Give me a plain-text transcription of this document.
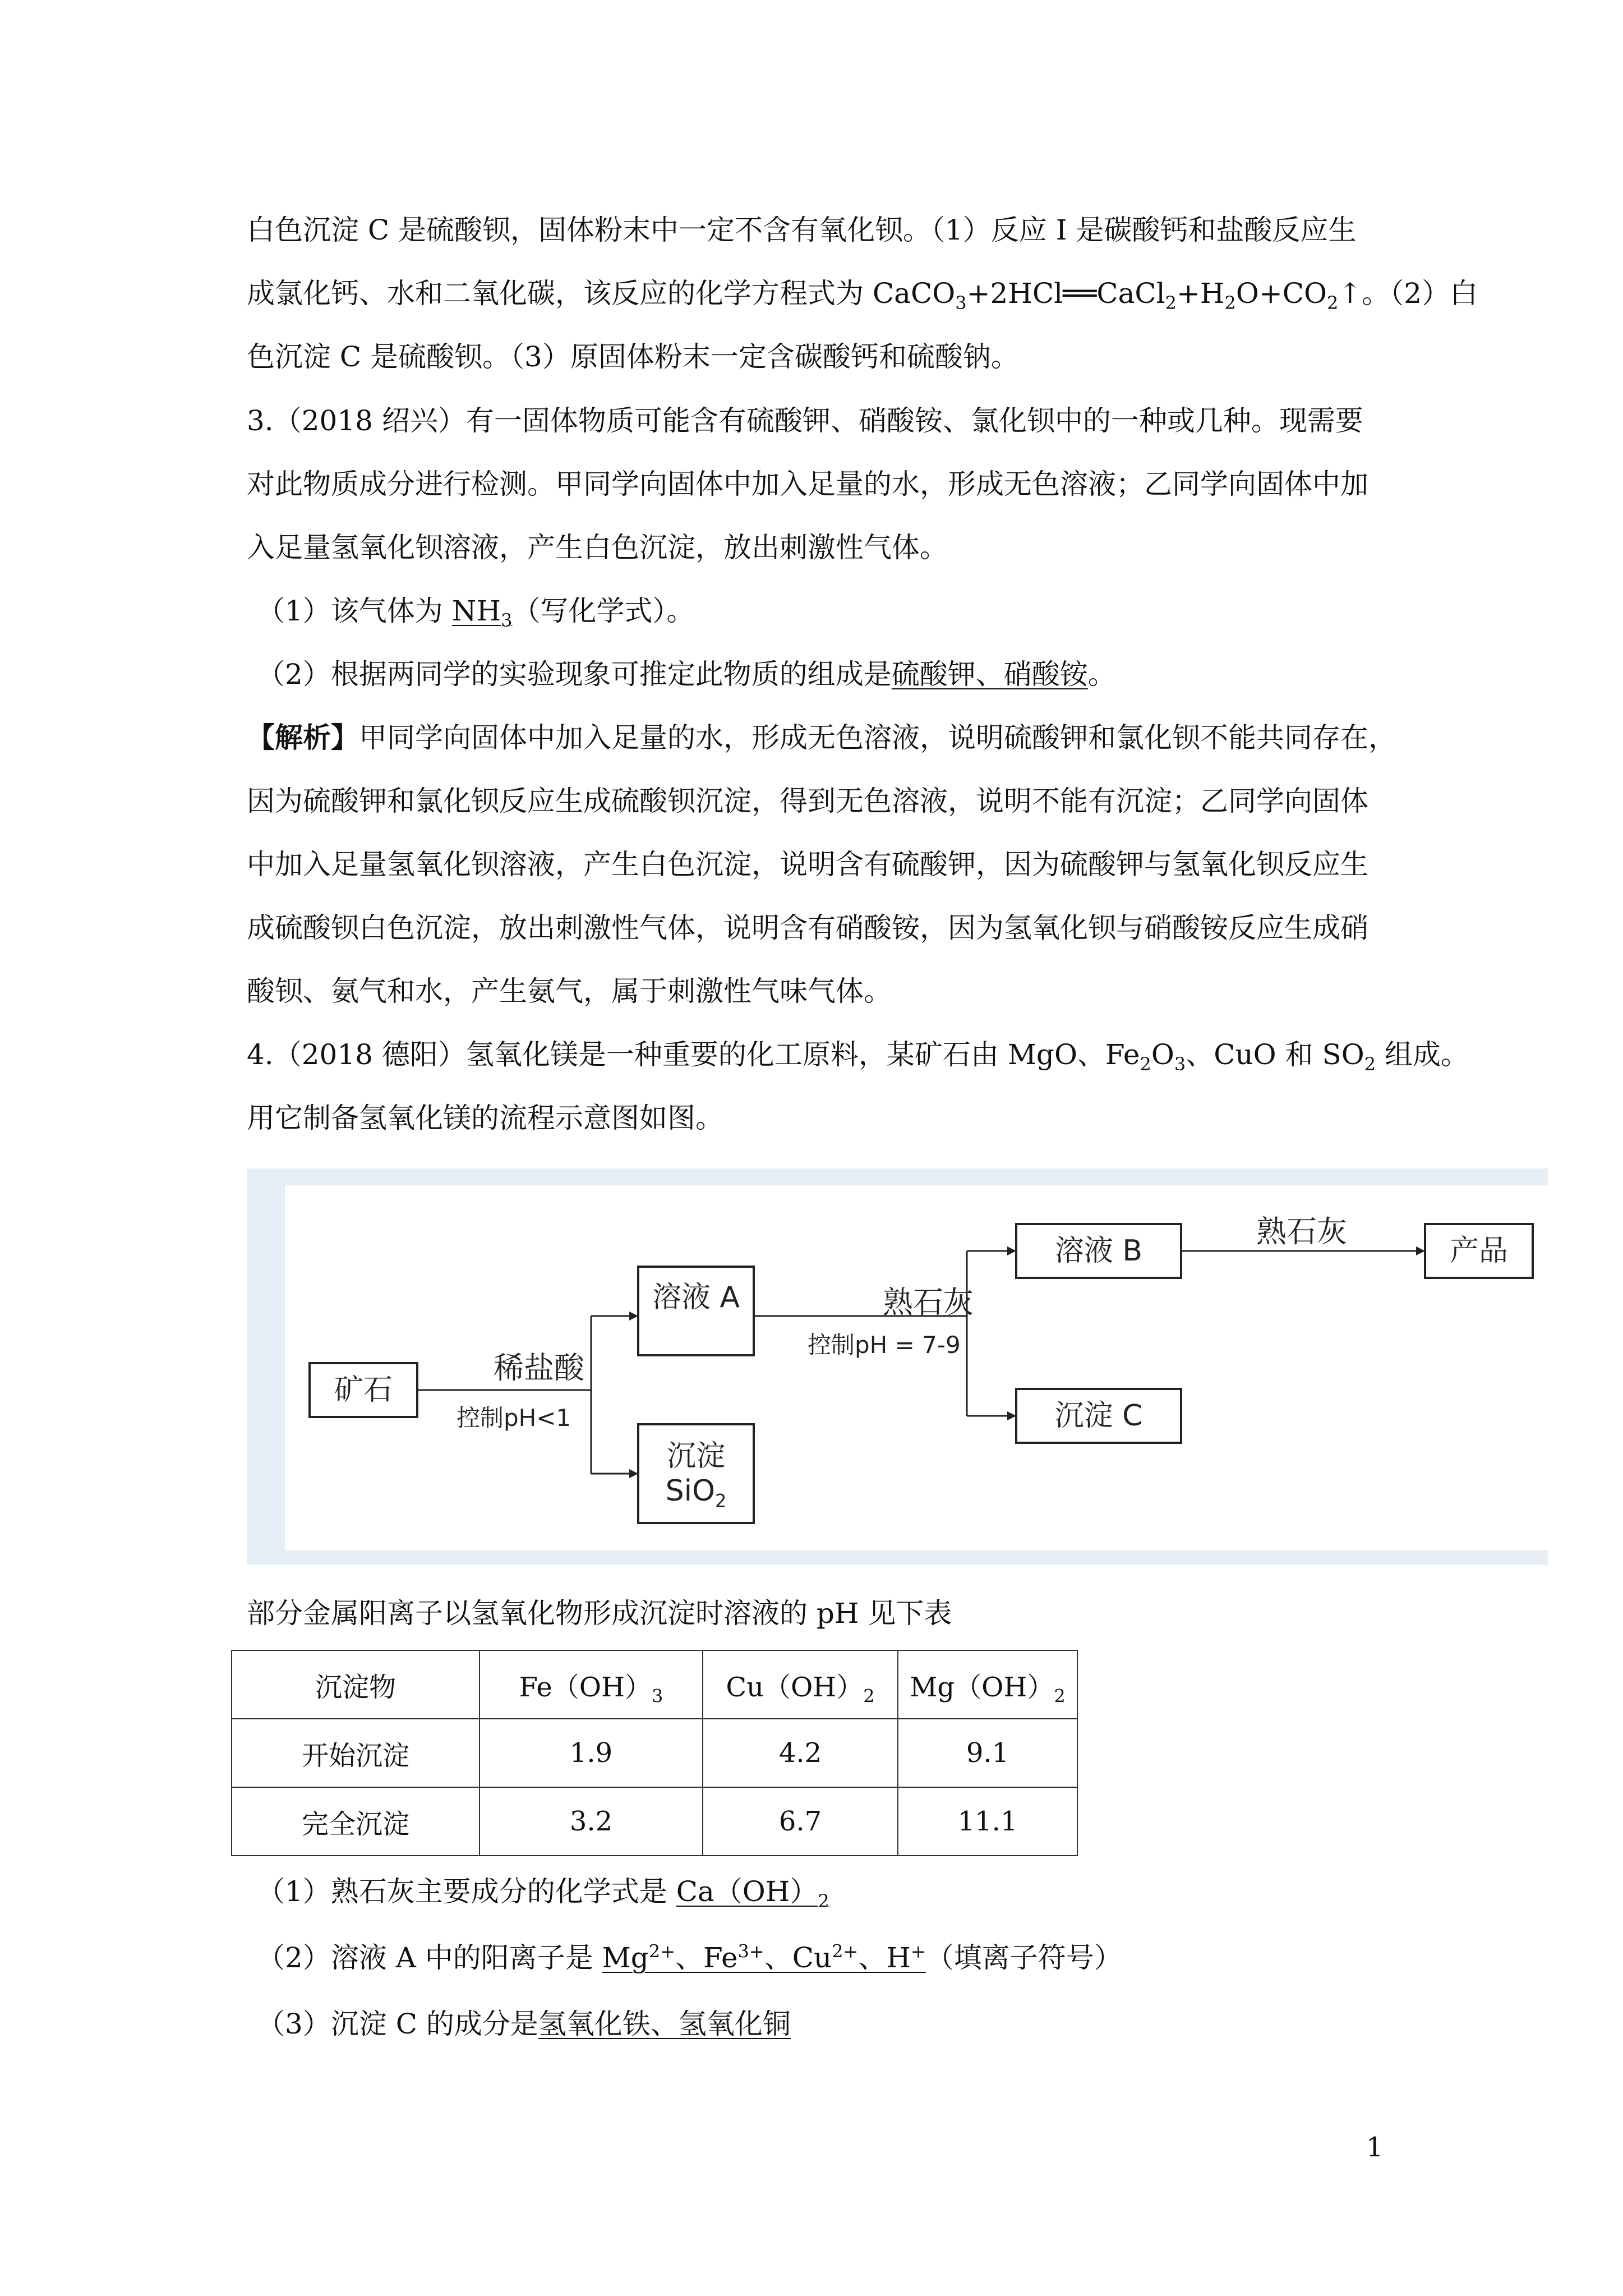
白色沉淀 C 是硫酸钡，固体粉末中一定不含有氧化钡。（1）反应 I 是碳酸钙和盐酸反应生

成氯化钙、水和二氧化碳，该反应的化学方程式为 $CaCO_3+2HCl══CaCl_2+H_2O+CO_2↑$。（2）白

色沉淀 C 是硫酸钡。（3）原固体粉末一定含碳酸钙和硫酸钠。

3.（2018 绍兴）有一固体物质可能含有硫酸钾、硝酸铵、氯化钡中的一种或几种。现需要

对此物质成分进行检测。甲同学向固体中加入足量的水，形成无色溶液；乙同学向固体中加

入足量氢氧化钡溶液，产生白色沉淀，放出刺激性气体。

（1）该气体为 $NH_3$（写化学式）。

（2）根据两同学的实验现象可推定此物质的组成是硫酸钾、硝酸铵。

【解析】甲同学向固体中加入足量的水，形成无色溶液，说明硫酸钾和氯化钡不能共同存在，

因为硫酸钾和氯化钡反应生成硫酸钡沉淀，得到无色溶液，说明不能有沉淀；乙同学向固体

中加入足量氢氧化钡溶液，产生白色沉淀，说明含有硫酸钾，因为硫酸钾与氢氧化钡反应生

成硫酸钡白色沉淀，放出刺激性气体，说明含有硝酸铵，因为氢氧化钡与硝酸铵反应生成硝

酸钡、氨气和水，产生氨气，属于刺激性气味气体。

4.（2018 德阳）氢氧化镁是一种重要的化工原料，某矿石由 MgO、$Fe_2O_3$、CuO 和 $SO_2$ 组成。

用它制备氢氧化镁的流程示意图如图。

矿石
稀盐酸
控制pH<1
溶液 A
沉淀
SiO$_2$
熟石灰
控制pH = 7-9
溶液 B
沉淀 C
熟石灰
产品

部分金属阳离子以氢氧化物形成沉淀时溶液的 pH 见下表

沉淀物	$Fe(OH)_3$	$Cu(OH)_2$	$Mg(OH)_2$
开始沉淀	1.9	4.2	9.1
完全沉淀	3.2	6.7	11.1

（1）熟石灰主要成分的化学式是 $Ca(OH)_2$

（2）溶液 A 中的阳离子是 $Mg^{2+}$、$Fe^{3+}$、$Cu^{2+}$、H+（填离子符号）

（3）沉淀 C 的成分是氢氧化铁、氢氧化铜

1
